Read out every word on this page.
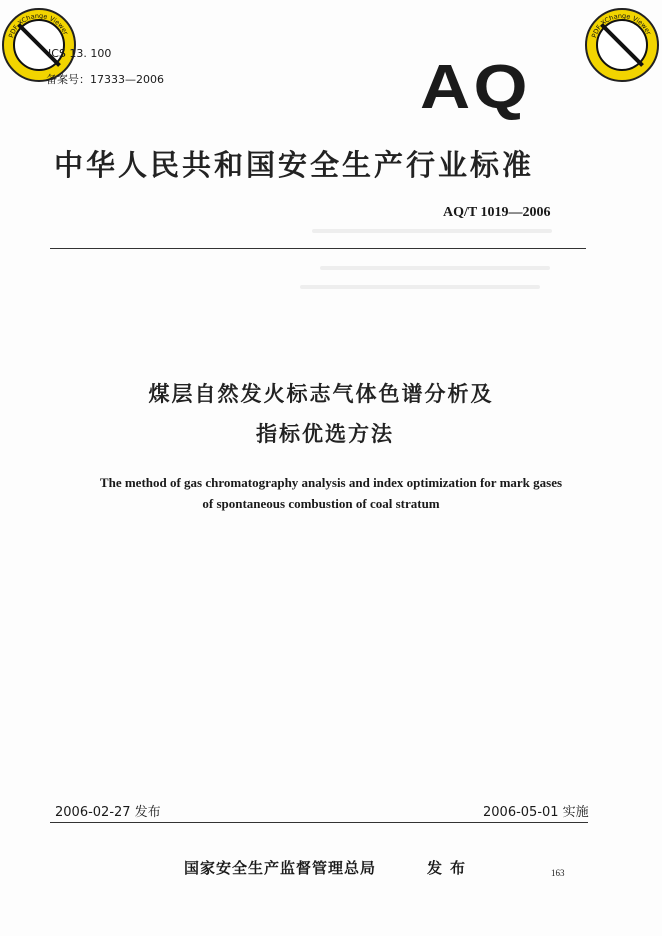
PDF-XChange Viewer	PDF-XChange Viewer
ICS 13. 100
备案号：17333—2006	AQ
中华人民共和国安全生产行业标准
AQ/T 1019—2006
煤层自然发火标志气体色谱分析及
指标优选方法
The method of gas chromatography analysis and index optimization for mark gases
of spontaneous combustion of coal stratum
2006-02-27 发布	2006-05-01 实施
国家安全生产监督管理总局	发布	163
